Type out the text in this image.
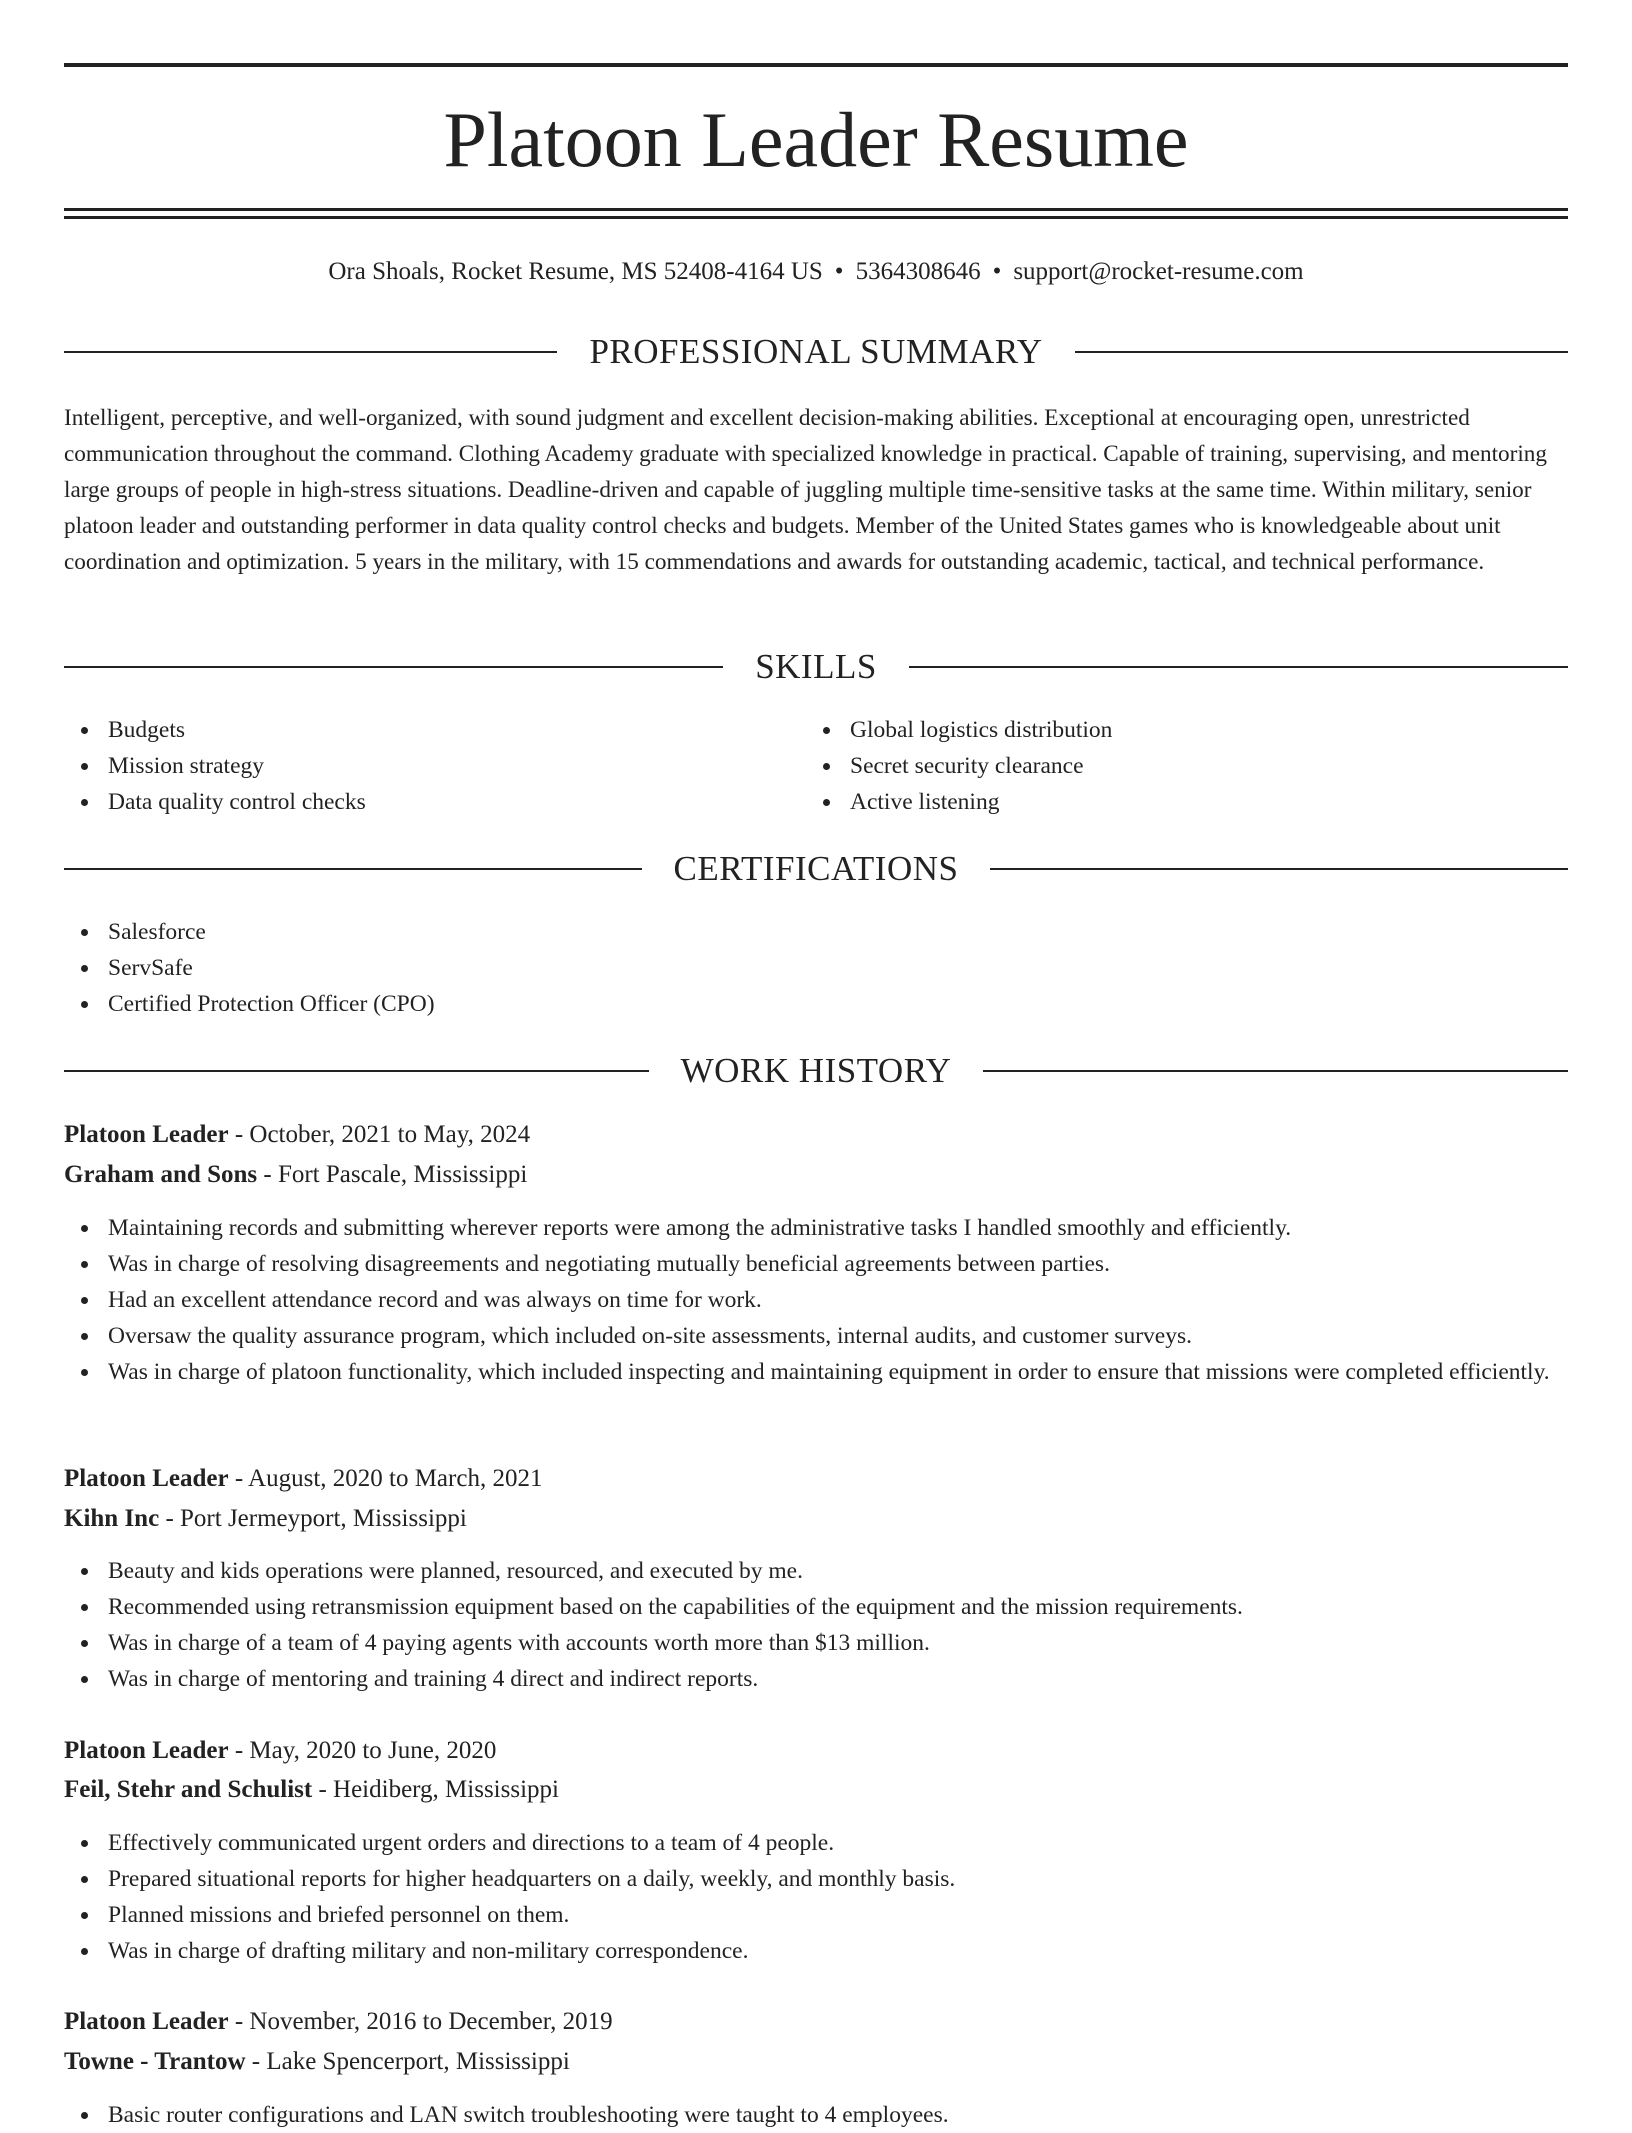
Platoon Leader Resume
Ora Shoals, Rocket Resume, MS 52408-4164 US • 5364308646 • support@rocket-resume.com
PROFESSIONAL SUMMARY

Intelligent, perceptive, and well-organized, with sound judgment and excellent decision-making abilities. Exceptional at encouraging open, unrestricted communication throughout the command. Clothing Academy graduate with specialized knowledge in practical. Capable of training, supervising, and mentoring large groups of people in high-stress situations. Deadline-driven and capable of juggling multiple time-sensitive tasks at the same time. Within military, senior platoon leader and outstanding performer in data quality control checks and budgets. Member of the United States games who is knowledgeable about unit coordination and optimization. 5 years in the military, with 15 commendations and awards for outstanding academic, tactical, and technical performance.

SKILLS
Budgets
Mission strategy
Data quality control checks
Global logistics distribution
Secret security clearance
Active listening
CERTIFICATIONS
Salesforce
ServSafe
Certified Protection Officer (CPO)
WORK HISTORY
Platoon Leader - October, 2021 to May, 2024
Graham and Sons - Fort Pascale, Mississippi
Maintaining records and submitting wherever reports were among the administrative tasks I handled smoothly and efficiently.
Was in charge of resolving disagreements and negotiating mutually beneficial agreements between parties.
Had an excellent attendance record and was always on time for work.
Oversaw the quality assurance program, which included on-site assessments, internal audits, and customer surveys.
Was in charge of platoon functionality, which included inspecting and maintaining equipment in order to ensure that missions were completed efficiently.
Platoon Leader - August, 2020 to March, 2021
Kihn Inc - Port Jermeyport, Mississippi
Beauty and kids operations were planned, resourced, and executed by me.
Recommended using retransmission equipment based on the capabilities of the equipment and the mission requirements.
Was in charge of a team of 4 paying agents with accounts worth more than $13 million.
Was in charge of mentoring and training 4 direct and indirect reports.
Platoon Leader - May, 2020 to June, 2020
Feil, Stehr and Schulist - Heidiberg, Mississippi
Effectively communicated urgent orders and directions to a team of 4 people.
Prepared situational reports for higher headquarters on a daily, weekly, and monthly basis.
Planned missions and briefed personnel on them.
Was in charge of drafting military and non-military correspondence.
Platoon Leader - November, 2016 to December, 2019
Towne - Trantow - Lake Spencerport, Mississippi
Basic router configurations and LAN switch troubleshooting were taught to 4 employees.
